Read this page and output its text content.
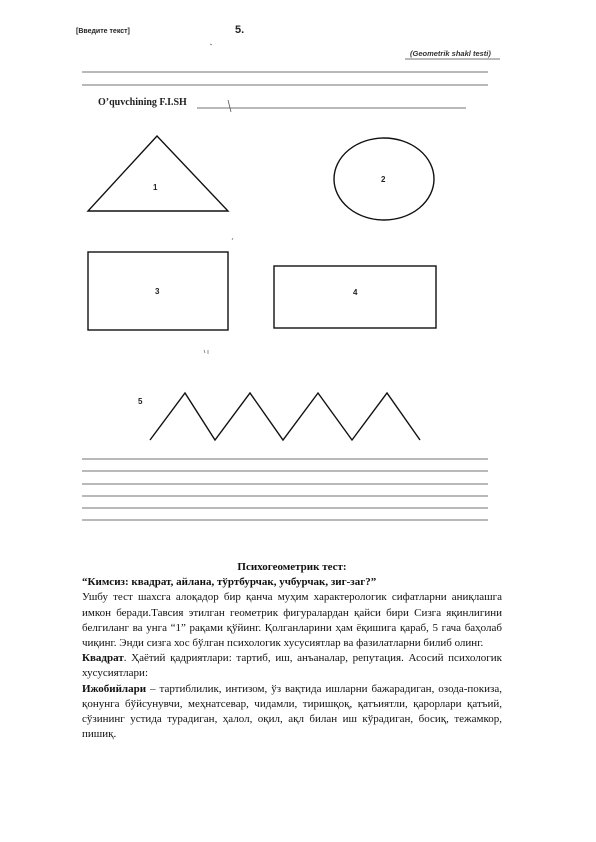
[Введите текст]	5.
(Geometrik shakl testi)
O’quvchining F.I.SH
1
2
3	4
5

Психогеометрик тест:

“Кимсиз: квадрат, айлана, тўртбурчак, учбурчак, зиг-заг?”

Ушбу тест шахсга алоқадор бир қанча муҳим характерологик сифатларни аниқлашга имкон беради.Тавсия этилган геометрик фигуралардан қайси бири Сизга яқинлигини белгиланг ва унга “1” рақами қўйинг. Қолганларини ҳам ёқишига қараб, 5 гача баҳолаб чиқинг. Энди сизга хос бўлган психологик хусусиятлар ва фазилатларни билиб олинг.

Квадрат. Ҳаётий қадриятлари: тартиб, иш, анъаналар, репутация. Асосий психологик хусусиятлари:

Ижобийлари – тартиблилик, интизом, ўз вақтида ишларни бажарадиган, озода-покиза, қонунга бўйсунувчи, меҳнатсевар, чидамли, тиришқоқ, қатъиятли, қарорлари қатъий, сўзининг устида турадиган, ҳалол, оқил, ақл билан иш кўрадиган, босиқ, тежамкор, пишиқ.
